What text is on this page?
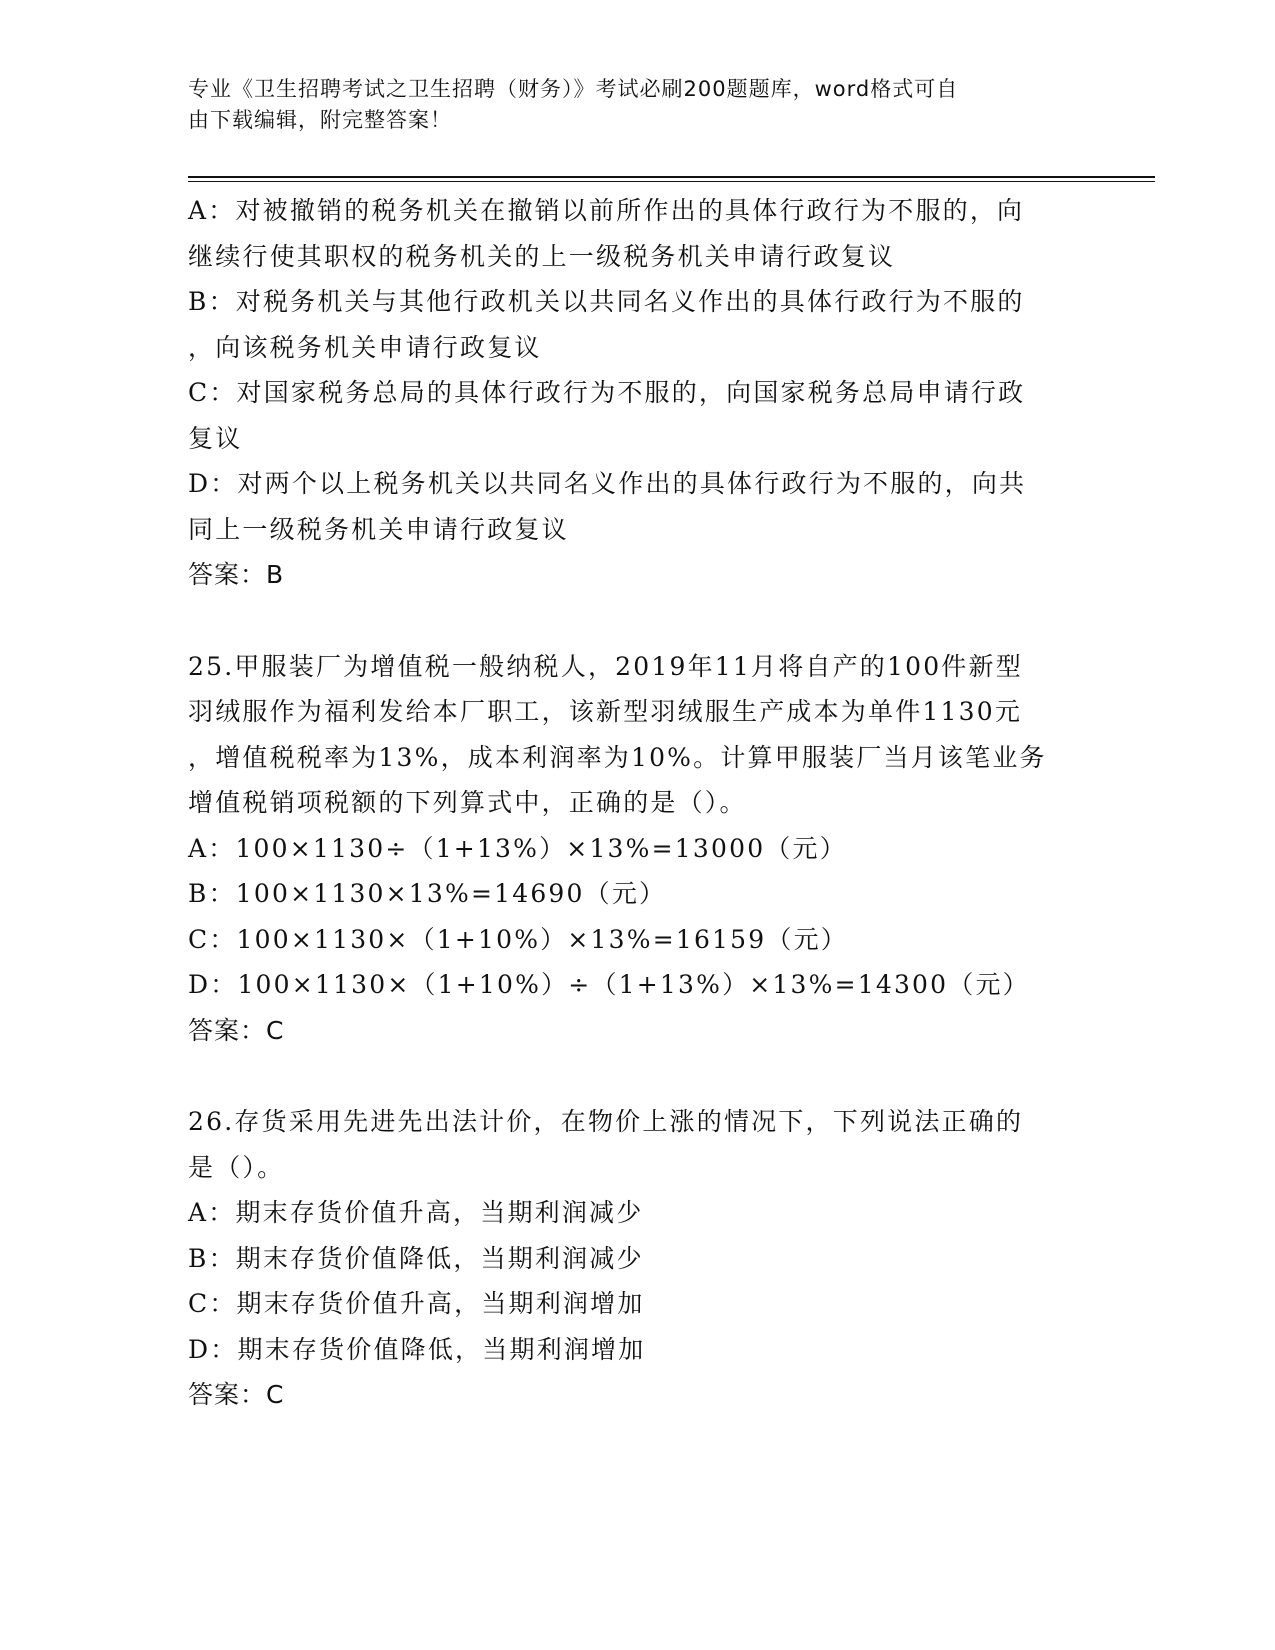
专业《卫生招聘考试之卫生招聘（财务）》考试必刷200题题库，word格式可自
由下载编辑，附完整答案！
A：对被撤销的税务机关在撤销以前所作出的具体行政行为不服的，向
继续行使其职权的税务机关的上一级税务机关申请行政复议
B：对税务机关与其他行政机关以共同名义作出的具体行政行为不服的
，向该税务机关申请行政复议
C：对国家税务总局的具体行政行为不服的，向国家税务总局申请行政
复议
D：对两个以上税务机关以共同名义作出的具体行政行为不服的，向共
同上一级税务机关申请行政复议
答案：B
25.甲服装厂为增值税一般纳税人，2019年11月将自产的100件新型
羽绒服作为福利发给本厂职工，该新型羽绒服生产成本为单件1130元
，增值税税率为13%，成本利润率为10%。计算甲服装厂当月该笔业务
增值税销项税额的下列算式中，正确的是（）。
A：100×1130÷（1+13%）×13%=13000（元）
B：100×1130×13%=14690（元）
C：100×1130×（1+10%）×13%=16159（元）
D：100×1130×（1+10%）÷（1+13%）×13%=14300（元）
答案：C
26.存货采用先进先出法计价，在物价上涨的情况下，下列说法正确的
是（）。
A：期末存货价值升高，当期利润减少
B：期末存货价值降低，当期利润减少
C：期末存货价值升高，当期利润增加
D：期末存货价值降低，当期利润增加
答案：C
